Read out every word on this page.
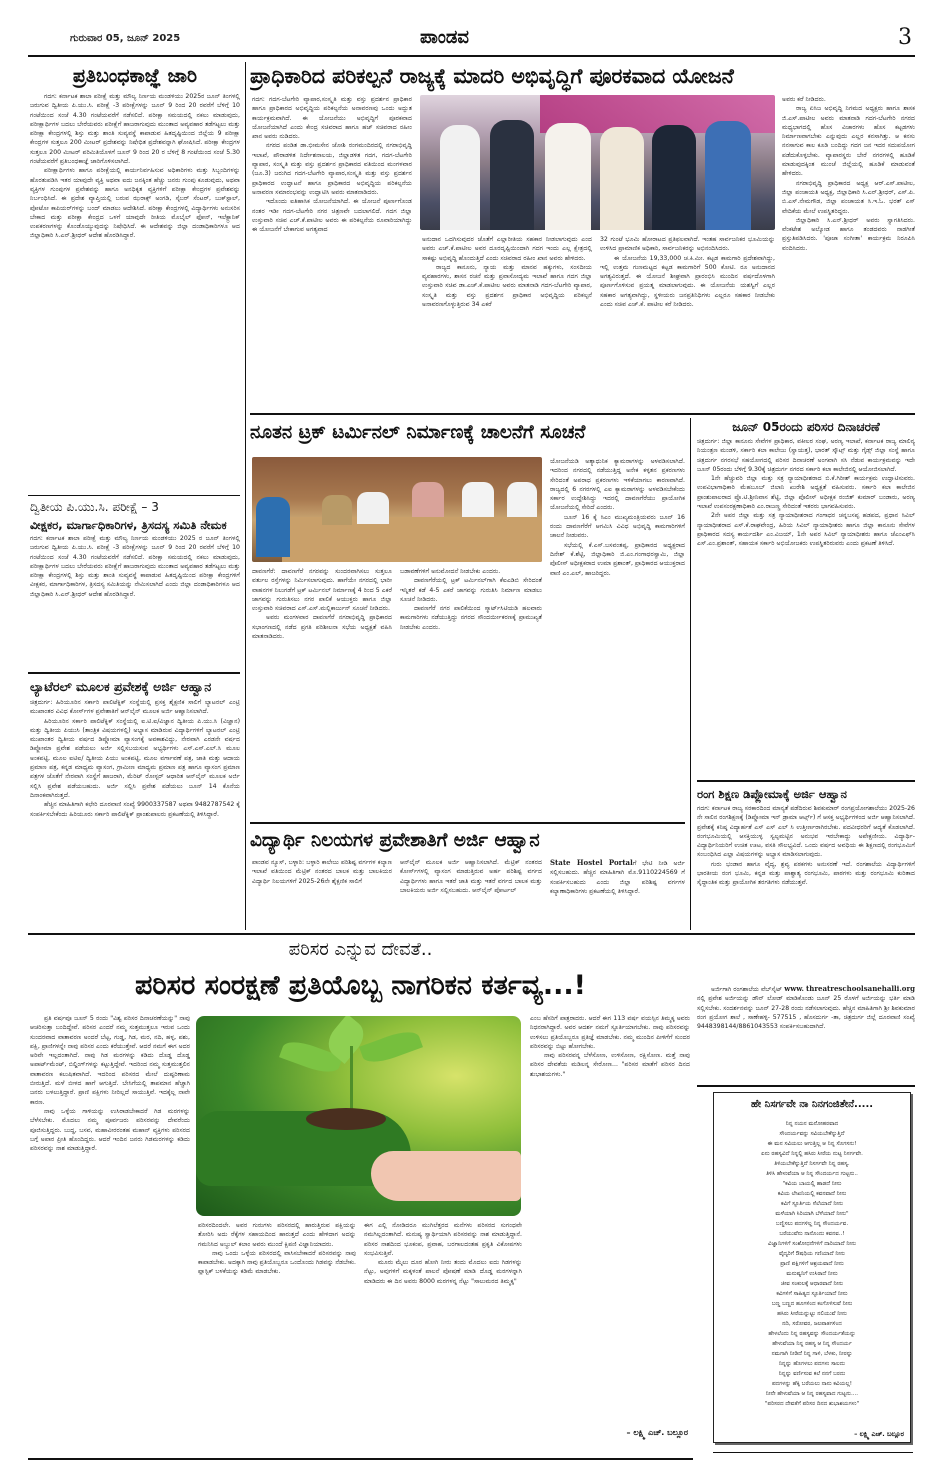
ಗುರುವಾರ 05, ಜೂನ್ 2025	ಪಾಂಡವ	3
ಪ್ರತಿಬಂಧಕಾಜ್ಞೆ ಜಾರಿ

ಗದಗ: ಕರ್ನಾಟಕ ಶಾಲಾ ಪರೀಕ್ಷೆ ಮತ್ತು ಮೌಲ್ಯ ನಿರ್ಣಯ ಮಂಡಳಿಯು 2025ರ ಜೂನ್ ತಿಂಗಳಲ್ಲಿ ಜರುಗುವ ದ್ವಿತೀಯ ಪಿ.ಯು.ಸಿ. ಪರೀಕ್ಷೆ -3 ಪರೀಕ್ಷೆಗಳನ್ನು ಜೂನ್ 9 ರಿಂದ 20 ರವರೆಗೆ ಬೆಳಿಗ್ಗೆ 10 ಗಂಟೆಯಿಂದ ಸಂಜೆ 4.30 ಗಂಟೆಯವರೆಗೆ ನಡೆಸಲಿದೆ. ಪರೀಕ್ಷಾ ಸಮಯದಲ್ಲಿ ನಕಲು ಮಾಡುವುದು, ಪರೀಕ್ಷಾರ್ಥಿಗಳ ಬದಲು ಬೇರೆಯವರು ಪರೀಕ್ಷೆಗೆ ಹಾಜರಾಗುವುದು ಮುಂತಾದ ಅವ್ಯವಹಾರ ತಡೆಗಟ್ಟಲು ಮತ್ತು ಪರೀಕ್ಷಾ ಕೇಂದ್ರಗಳಲ್ಲಿ ಶಿಸ್ತು ಮತ್ತು ಶಾಂತಿ ಸುವ್ಯವಸ್ಥೆ ಕಾಪಾಡುವ ಹಿತದೃಷ್ಟಿಯಿಂದ ಜಿಲ್ಲೆಯ 9 ಪರೀಕ್ಷಾ ಕೇಂದ್ರಗಳ ಸುತ್ತಲೂ 200 ಮೀಟರ್ ಪ್ರದೇಶವನ್ನು ನಿಷೇಧಿತ ಪ್ರದೇಶವನ್ನಾಗಿ ಘೋಷಿಸಿದೆ. ಪರೀಕ್ಷಾ ಕೇಂದ್ರಗಳ ಸುತ್ತಲೂ 200 ಮೀಟರ್ ಪರಿಮಿತಿಯೊಳಗೆ ಜೂನ್ 9 ರಿಂದ 20 ರ ಬೆಳಿಗ್ಗೆ 8 ಗಂಟೆಯಿಂದ ಸಂಜೆ 5.30 ಗಂಟೆಯವರೆಗೆ ಪ್ರತಿಬಂಧಕಾಜ್ಞೆ ಜಾರಿಗೊಳಿಸಲಾಗಿದೆ.

ಪರೀಕ್ಷಾರ್ಥಿಗಳು ಹಾಗೂ ಪರೀಕ್ಷೆಯಲ್ಲಿ ಕಾರ್ಯನಿರ್ವಹಿಸುವ ಅಧಿಕಾರಿಗಳು ಮತ್ತು ಸಿಬ್ಬಂದಿಗಳನ್ನು ಹೊರತುಪಡಿಸಿ ಇತರ ಯಾವುದೇ ವ್ಯಕ್ತಿ ಅಥವಾ ಐದು ಜನಕ್ಕಿಂತ ಹೆಚ್ಚು ಜನರು ಗುಂಪು ಕೂಡುವುದು, ಅಥವಾ ವ್ಯಕ್ತಿಗಳ ಗುಂಪುಗಳ ಪ್ರವೇಶವನ್ನು ಹಾಗೂ ಅನಧಿಕೃತ ವ್ಯಕ್ತಿಗಳಿಗೆ ಪರೀಕ್ಷಾ ಕೇಂದ್ರಗಳ ಪ್ರವೇಶವನ್ನು ನಿರ್ಬಂಧಿಸಿದೆ. ಈ ಪ್ರದೇಶ ವ್ಯಾಪ್ತಿಯಲ್ಲಿ ಬರುವ ಝರಾಕ್ಸ್ ಅಂಗಡಿ, ಸೈಬರ್ ಸೆಂಟರ್, ಬುಕ್‌ಸ್ಟಾಲ್, ಪೋಟೋ ಕಾಪಿಯರ್‌ಗಳನ್ನು ಬಂದ್ ಮಾಡಲು ಆದೇಶಿಸಿದೆ. ಪರೀಕ್ಷಾ ಕೇಂದ್ರಗಳಲ್ಲಿ ವಿದ್ಯಾರ್ಥಿಗಳು ಅನುಸರಿಸ ಬೇಕಾದ ಮತ್ತು ಪರೀಕ್ಷಾ ಕೇಂದ್ರದ ಒಳಗೆ ಯಾವುದೇ ರೀತಿಯ ಮೊಬೈಲ್ ಫೋನ್, ಇಲೆಕ್ಟ್ರಾನಿಕ್ ಉಪಕರಣಗಳನ್ನು ಕೊಂಡೊಯ್ಯುವುದನ್ನು ನಿಷೇಧಿಸಿದೆ. ಈ ಆದೇಶವನ್ನು ಜಿಲ್ಲಾ ದಂಡಾಧಿಕಾರಿಗಳೂ ಆದ ಜಿಲ್ಲಾಧಿಕಾರಿ ಸಿ.ಎನ್.ಶ್ರೀಧರ್ ಆದೇಶ ಹೊರಡಿಸಿದ್ದಾರೆ.

ದ್ವಿತೀಯ ಪಿ.ಯು.ಸಿ. ಪರೀಕ್ಷೆ – 3
ವೀಕ್ಷಕರ, ಮಾರ್ಗಾಧಿಕಾರಿಗಳ, ತ್ರಿಸದಸ್ಯ ಸಮಿತಿ ನೇಮಕ

ಗದಗ: ಕರ್ನಾಟಕ ಶಾಲಾ ಪರೀಕ್ಷೆ ಮತ್ತು ಮೌಲ್ಯ ನಿರ್ಣಯ ಮಂಡಳಿಯು 2025 ರ ಜೂನ್ ತಿಂಗಳಲ್ಲಿ ಜರುಗುವ ದ್ವಿತೀಯ ಪಿ.ಯು.ಸಿ. ಪರೀಕ್ಷೆ -3 ಪರೀಕ್ಷೆಗಳನ್ನು ಜೂನ್ 9 ರಿಂದ 20 ರವರೆಗೆ ಬೆಳಿಗ್ಗೆ 10 ಗಂಟೆಯಿಂದ ಸಂಜೆ 4.30 ಗಂಟೆಯವರೆಗೆ ನಡೆಸಲಿದೆ. ಪರೀಕ್ಷಾ ಸಮಯದಲ್ಲಿ ನಕಲು ಮಾಡುವುದು, ಪರೀಕ್ಷಾರ್ಥಿಗಳ ಬದಲು ಬೇರೆಯವರು ಪರೀಕ್ಷೆಗೆ ಹಾಜರಾಗುವುದು ಮುಂತಾದ ಅವ್ಯವಹಾರ ತಡೆಗಟ್ಟಲು ಮತ್ತು ಪರೀಕ್ಷಾ ಕೇಂದ್ರಗಳಲ್ಲಿ ಶಿಸ್ತು ಮತ್ತು ಶಾಂತಿ ಸುವ್ಯವಸ್ಥೆ ಕಾಪಾಡುವ ಹಿತದೃಷ್ಟಿಯಿಂದ ಪರೀಕ್ಷಾ ಕೇಂದ್ರಗಳಿಗೆ ವೀಕ್ಷಕರ, ಮಾರ್ಗಾಧಿಕಾರಿಗಳ, ತ್ರಿಸದಸ್ಯ ಸಮಿತಿಯನ್ನು ನೇಮಿಸಲಾಗಿದೆ ಎಂದು ಜಿಲ್ಲಾ ದಂಡಾಧಿಕಾರಿಗಳೂ ಆದ ಜಿಲ್ಲಾಧಿಕಾರಿ ಸಿ.ಎನ್.ಶ್ರೀಧರ್ ಆದೇಶ ಹೊರಡಿಸಿದ್ದಾರೆ.

ಲ್ಯಾಟೆರಲ್ ಮೂಲಕ ಪ್ರವೇಶಕ್ಕೆ ಅರ್ಜಿ ಆಹ್ವಾನ

ಚಿತ್ರದುರ್ಗ: ಹಿರಿಯೂರಿನ ಸರ್ಕಾರಿ ಪಾಲಿಟೆಕ್ನಿಕ್ ಸಂಸ್ಥೆಯಲ್ಲಿ ಪ್ರಸಕ್ತ ಶೈಕ್ಷಣಿಕ ಸಾಲಿಗೆ ಲ್ಯಾಟರಲ್ ಎಂಟ್ರಿ ಮುಖಾಂತರ ವಿವಿಧ ಕೋರ್ಸ್‌ಗಳ ಪ್ರವೇಶಾತಿಗೆ ಆನ್‌ಲೈನ್ ಮೂಲಕ ಅರ್ಜಿ ಆಹ್ವಾನಿಸಲಾಗಿದೆ.

ಹಿರಿಯೂರಿನ ಸರ್ಕಾರಿ ಪಾಲಿಟೆಕ್ನಿಕ್ ಸಂಸ್ಥೆಯಲ್ಲಿ ಐ.ಟಿ.ಐ/ವಿಜ್ಞಾನ ದ್ವಿತೀಯ ಪಿ.ಯು.ಸಿ (ವಿಜ್ಞಾನ) ಮತ್ತು ದ್ವಿತೀಯ ಪಿಯುಸಿ (ತಾಂತ್ರಿಕ ವಿಷಯಗಳಲ್ಲಿ) ಅಭ್ಯಾಸ ಮಾಡಿರುವ ವಿದ್ಯಾರ್ಥಿಗಳಿಗೆ ಲ್ಯಾಟರಲ್ ಎಂಟ್ರಿ ಮುಖಾಂತರ ದ್ವಿತೀಯ ವರ್ಷದ ಡಿಪ್ಲೋಮಾ ವ್ಯಾಸಂಗಕ್ಕೆ ಅವಕಾಶವಿದ್ದು, ನೇರವಾಗಿ ಎರಡನೇ ವರ್ಷದ ಡಿಪ್ಲೋಮಾ ಪ್ರವೇಶ ಪಡೆಯಲು ಅರ್ಜಿ ಸಲ್ಲಿಸಬಯಸುವ ಅಭ್ಯರ್ಥಿಗಳು ಎಸ್.ಎಸ್.ಎಲ್.ಸಿ ಮೂಲ ಅಂಕಪಟ್ಟಿ, ಮೂಲ ಐಟಿಐ/ ದ್ವಿತೀಯ ಪಿಯು ಅಂಕಪಟ್ಟಿ, ಮೂಲ ವರ್ಗಾವಣೆ ಪತ್ರ, ಜಾತಿ ಮತ್ತು ಆದಾಯ ಪ್ರಮಾಣ ಪತ್ರ, ಕನ್ನಡ ಮಾಧ್ಯಮ ವ್ಯಾಸಂಗ, ಗ್ರಾಮೀಣ ಮಾಧ್ಯಮ ಪ್ರಮಾಣ ಪತ್ರ ಹಾಗೂ ವ್ಯಾಸಂಗ ಪ್ರಮಾಣ ಪತ್ರಗಳ ಜೊತೆಗೆ ನೇರವಾಗಿ ಸಂಸ್ಥೆಗೆ ಹಾಜರಾಗಿ, ಮೆರಿಟ್ ರೋಸ್ಟರ್ ಆಧಾರಿತ ಆನ್‌ಲೈನ್ ಮೂಲಕ ಅರ್ಜಿ ಸಲ್ಲಿಸಿ ಪ್ರವೇಶ ಪಡೆಯಬಹುದು. ಅರ್ಜಿ ಸಲ್ಲಿಸಿ ಪ್ರವೇಶ ಪಡೆಯಲು ಜೂನ್ 14 ಕೊನೆಯ ದಿನಾಂಕವಾಗಿರುತ್ತದೆ.

ಹೆಚ್ಚಿನ ಮಾಹಿತಿಗಾಗಿ ಕಛೇರಿ ದೂರವಾಣಿ ಸಂಖ್ಯೆ 9900337587 ಅಥವಾ 9482787542 ಕ್ಕೆ ಸಂಪರ್ಕಿಸಬೇಕೆಂದು ಹಿರಿಯೂರು ಸರ್ಕಾರಿ ಪಾಲಿಟೆಕ್ನಿಕ್ ಪ್ರಾಂಶುಪಾಲರು ಪ್ರಕಟಣೆಯಲ್ಲಿ ತಿಳಿಸಿದ್ದಾರೆ.

ಪ್ರಾಧಿಕಾರಿದ ಪರಿಕಲ್ಪನೆ ರಾಜ್ಯಕ್ಕೆ ಮಾದರಿ ಅಭಿವೃದ್ಧಿಗೆ ಪೂರಕವಾದ ಯೋಜನೆ

ಗದಗ: ಗದಗ-ಬೆಟಗೇರಿ ವ್ಯಾಪಾರ,ಸಂಸ್ಕೃತಿ ಮತ್ತು ವಸ್ತು ಪ್ರದರ್ಶನ ಪ್ರಾಧಿಕಾರ ಹಾಗೂ ಪ್ರಾಧಿಕಾರದ ಅಭಿವೃದ್ಧಿಯ ಪರಿಕಲ್ಪನೆಯ ಅನಾವರಣವು ಒಂದು ಅದ್ಭುತ ಕಾರ್ಯಕ್ರಮವಾಗಿದೆ. ಈ ಯೋಜನೆಯು ಅಭಿವೃದ್ಧಿಗೆ ಪೂರಕವಾದ ಯೋಜನೆಯಾಗಿದೆ ಎಂದು ಕೇಂದ್ರ ಸಚಿವರಾದ ಹಾಗೂ ಹಜ್ ಸಚಿವರಾದ ರಹೀಂ ಖಾನ ಅವರು ನುಡಿದರು.

ನಗರದ ಪಂಡಿತ ಡಾ.ಭೀಮಸೇನ ಜೋಶಿ ರಂಗಮಂದಿರದಲ್ಲಿ ನಗರಾಭಿವೃದ್ಧಿ ಇಲಾಖೆ, ಪೌರಾಡಳಿತ ನಿರ್ದೇಶನಾಲಯ, ಜಿಲ್ಲಾಡಳಿತ ಗದಗ, ಗದಗ-ಬೆಟಗೇರಿ ವ್ಯಾಪಾರ, ಸಂಸ್ಕೃತಿ ಮತ್ತು ವಸ್ತು ಪ್ರದರ್ಶನ ಪ್ರಾಧಿಕಾರದ ವತಿಯಿಂದ ಮಂಗಳವಾರ (ಜೂ.3) ಜರುಗಿದ ಗದಗ-ಬೆಟಗೇರಿ ವ್ಯಾಪಾರ,ಸಂಸ್ಕೃತಿ ಮತ್ತು ವಸ್ತು ಪ್ರದರ್ಶನ ಪ್ರಾಧಿಕಾರದ ಉದ್ಘಾಟನೆ ಹಾಗೂ ಪ್ರಾಧಿಕಾರದ ಅಭಿವೃದ್ಧಿಯ ಪರಿಕಲ್ಪನೆಯ ಅನಾವರಣ ಸಮಾರಂಭವನ್ನು ಉದ್ಘಾಟಿಸಿ ಅವರು ಮಾತನಾಡಿದರು.

ಇದೊಂದು ಐತಿಹಾಸಿಕ ಯೋಜನೆಯಾಗಿದೆ. ಈ ಯೋಜನೆ ಪೂರ್ಣಗೊಂಡ ನಂತರ ಇಡೀ ಗದಗ-ಬೆಟಗೇರಿ ನಗರ ಚಿತ್ರಣವೇ ಬದಲಾಗಲಿದೆ. ಗದಗ ಜಿಲ್ಲಾ ಉಸ್ತುವಾರಿ ಸಚಿವ ಎಚ್.ಕೆ.ಪಾಟೀಲ ಅವರು ಈ ಪರಿಕಲ್ಪನೆಯ ರೂವಾರಿಯಾಗಿದ್ದು ಈ ಯೋಜನೆಗೆ ಬೇಕಾಗುವ ಅಗತ್ಯವಾದ

ಅನುದಾನ ಒದಗಿಸುವುದರ ಜೊತೆಗೆ ಎಲ್ಲಾರೀತಿಯ ಸಹಕಾರ ನೀಡಲಾಗುವುದು ಎಂದ ಅವರು ಎಚ್.ಕೆ.ಪಾಟೀಲ ಅವರ ದೂರದೃಷ್ಟಿಯಿಂದಾಗಿ ಗದಗ ಇಂದು ಎಲ್ಲ ಕ್ಷೇತ್ರದಲ್ಲಿ ಸಾಕಷ್ಟು ಅಭಿವೃದ್ಧಿ ಹೊಂದುತ್ತಿದೆ ಎಂದು ಸಚಿವರಾದ ರಹೀಂ ಖಾನ ಅವರು ಹೇಳಿದರು.

ರಾಜ್ಯದ ಕಾನೂನು, ನ್ಯಾಯ ಮತ್ತು ಮಾನವ ಹಕ್ಕುಗಳು, ಸಂಸದೀಯ ವ್ಯವಹಾರಗಳು, ಶಾಸನ ರಚನೆ ಮತ್ತು ಪ್ರವಾಸೋದ್ಯಮ ಇಲಾಖೆ ಹಾಗೂ ಗದಗ ಜಿಲ್ಲಾ ಉಸ್ತುವಾರಿ ಸಚಿವ ಡಾ.ಎಚ್.ಕೆ.ಪಾಟೀಲ ಅವರು ಮಾತನಾಡಿ ಗದಗ-ಬೆಟಗೇರಿ ವ್ಯಾಪಾರ, ಸಂಸ್ಕೃತಿ ಮತ್ತು ವಸ್ತು ಪ್ರದರ್ಶನ ಪ್ರಾಧಿಕಾರ ಅಭಿವೃದ್ಧಿಯ ಪರಿಕಲ್ಪನೆ ಅನಾವರಣಗೊಳ್ಳುತ್ತಿರುವ 34 ಎಕರೆ

32 ಗುಂಟೆ ಭೂಮಿ ಹೋರಾಟದ ಪ್ರತಿಫಲವಾಗಿದೆ. ಇಂತಹ ಸಾರ್ವಜನಿಕರ ಭೂಮಿಯನ್ನು ಉಳಿಸಿದ ಪ್ರಾಮಾಣಿಕ ಅಧಿಕಾರಿ, ಸಾರ್ವಜನಿಕರನ್ನು ಅಭಿನಂದಿಸಿದರು.

ಈ ಯೋಜನೆಯ 19,33,000 ಚ.ಕಿ.ಮೀ. ಕಟ್ಟಡ ಕಾಮಗಾರಿ ಪ್ರದೇಶವಾಗಿದ್ದು, ಇಲ್ಲಿ ಉತ್ತಮ ಗುಣಮಟ್ಟದ ಕಟ್ಟಡ ಕಾಮಗಾರಿಗೆ 500 ಕೋಟಿ. ರೂ ಅನುದಾನದ ಅಗತ್ಯವಿರುತ್ತದೆ. ಈ ಯೋಜನೆ ಶೀಘ್ರವಾಗಿ ಪ್ರಾರಂಭಿಸಿ ಮುಂದಿನ ವರ್ಷದೊಳಗಾಗಿ ಪೂರ್ಣಗೊಳಿಸುವ ಪ್ರಯತ್ನ ಮಾಡಲಾಗುವುದು. ಈ ಯೋಜನೆಯ ಯಶಸ್ವಿಗೆ ಎಲ್ಲರ ಸಹಕಾರ ಅಗತ್ಯವಾಗಿದ್ದು, ಸ್ಥಳೀಯರು ಜನಪ್ರತಿನಿಧಿಗಳು ಎಲ್ಲರೂ ಸಹಕಾರ ನೀಡಬೇಕು ಎಂದು ಸಚಿವ ಎಚ್.ಕೆ. ಪಾಟೀಲ ಕರೆ ನೀಡಿದರು.

ಅವರು ಕರೆ ನೀಡಿದರು.

ರಾಜ್ಯ ಏಸಿಜ ಅಭಿವೃದ್ಧಿ ನಿಗಮದ ಅಧ್ಯಕ್ಷರು ಹಾಗೂ ಶಾಸಕ ಜಿ.ಎಸ್.ಪಾಟೀಲ ಅವರು ಮಾತನಾಡಿ ಗದಗ-ಬೆಟಗೇರಿ ನಗರದ ಮಧ್ಯಭಾಗದಲ್ಲಿ ಹೊಸ ವಿಚಾರಗಳು ಹೊಸ ಕಟ್ಟಡಗಳು ನಿರ್ಮಾಣವಾಗಬೇಕು ಎನ್ನುವುದು ಎಲ್ಲರ ಕನಸಾಗಿತ್ತು. ಆ ಕನಸು ನನಸಾಗುವ ಕಾಲ ಕೂಡಿ ಬಂದಿದ್ದು ಗದಗ ಜನ ಇದರ ಸದುಪಯೋಗ ಪಡೆದುಕೊಳ್ಳಬೇಕು. ವ್ಯಾಪಾರಸ್ಥರು ಬೇರೆ ನಗರಗಳಲ್ಲಿ ಹೂಡಿಕೆ ಮಾಡುವುದಕ್ಕಿಂತ ಮುಂಚೆ ಜಿಲ್ಲೆಯಲ್ಲಿ ಹೂಡಿಕೆ ಮಾಡುವಂತೆ ಹೇಳಿದರು.

ನಗರಾಭಿವೃದ್ಧಿ ಪ್ರಾಧಿಕಾರದ ಅಧ್ಯಕ್ಷ ಆರ್.ಎಸ್.ಪಾಟೀಲ, ಜಿಲ್ಲಾ ಪಂಚಾಯತಿ ಅಧ್ಯಕ್ಷ, ಜಿಲ್ಲಾಧಿಕಾರಿ ಸಿ.ಎನ್.ಶ್ರೀಧರ್, ಎಸ್.ಪಿ. ಬಿ.ಎಸ್.ನೇಮಗೌಡ, ಜಿಲ್ಲಾ ಪಂಚಾಯತ ಸಿ.ಇ.ಓ. ಭರತ್ ಎಸ್ ವೇದಿಕೆಯ ಮೇಲೆ ಉಪಸ್ಥಿತರಿದ್ದರು.

ಜಿಲ್ಲಾಧಿಕಾರಿ ಸಿ.ಎನ್.ಶ್ರೀಧರ್ ಅವರು ಸ್ವಾಗತಿಸಿದರು. ವೆಂಕಟೇಶ ಅಲ್ಕೋಡ ಹಾಗೂ ತಂಡದವರು ನಾಡಗೀತೆ ಪ್ರಸ್ತುತಿಪಡಿಸಿದರು. 'ಪೂಜಾ ಸಂಗೀತಾ' ಕಾರ್ಯಕ್ರಮ ನಿರೂಪಿಸಿ ವಂದಿಸಿದರು.

ನೂತನ ಟ್ರಕ್ ಟರ್ಮಿನಲ್ ನಿರ್ಮಾಣಕ್ಕೆ ಚಾಲನೆಗೆ ಸೂಚನೆ

ದಾವಣಗೆರೆ: ದಾವಣಗೆರೆ ನಗರವನ್ನು ಸುಂದರವಾಗಿಸಲು ಸುತ್ತಲೂ ವರ್ತುಲ ರಸ್ತೆಗಳನ್ನು ನಿರ್ಮಿಸಲಾಗುವುದು. ಹಾಗೆಯೇ ನಗರದಲ್ಲಿ ಭಾರೀ ವಾಹನಗಳ ನಿಲುಗಡೆಗೆ ಟ್ರಕ್ ಟರ್ಮಿನಲ್ ನಿರ್ಮಾಣಕ್ಕೆ 4 ರಿಂದ 5 ಎಕರೆ ಜಾಗವನ್ನು ಗುರುತಿಸಲು ನಗರ ಪಾಲಿಕೆ ಆಯುಕ್ತರು ಹಾಗೂ ಜಿಲ್ಲಾ ಉಸ್ತುವಾರಿ ಸಚಿವರಾದ ಎಸ್.ಎಸ್.ಮಲ್ಲಿಕಾರ್ಜುನ್ ಸೂಚನೆ ನೀಡಿದರು.

ಅವರು ಮಂಗಳವಾರ ದಾವಣಗೆರೆ ನಗರಾಭಿವೃದ್ಧಿ ಪ್ರಾಧಿಕಾರದ ಸಭಾಂಗಣದಲ್ಲಿ ನಡೆದ ಪ್ರಗತಿ ಪರಿಶೀಲನಾ ಸಭೆಯ ಅಧ್ಯಕ್ಷತೆ ವಹಿಸಿ ಮಾತನಾಡಿದರು.

ಬಡಾವಣೆಗಳಿಗೆ ಅನುಮೋದನೆ ನೀಡಬೇಕು ಎಂದರು.

ದಾವಣಗೆರೆಯಲ್ಲಿ ಟ್ರಕ್ ಟರ್ಮಿನಲ್‌ಗಾಗಿ ಕೆಐಎಡಿಬಿ ಸೇರಿದಂತೆ ಇನ್ನಿತರೆ ಕಡೆ 4-5 ಎಕರೆ ಜಾಗವನ್ನು ಗುರುತಿಸಿ ನಿರ್ಮಾಣ ಮಾಡಲು ಸೂಚನೆ ನೀಡಿದರು.

ದಾವಣಗೆರೆ ನಗರ ಪಾಲಿಕೆಯಿಂದ ಸ್ಮಾರ್ಟ್‌ಸಿಟಿಯಡಿ ಹಲವಾರು ಕಾಮಗಾರಿಗಳು ನಡೆಯುತ್ತಿದ್ದು ನಗರದ ಸೌಂದರ್ಯೀಕರಣಕ್ಕೆ ಪ್ರಾಮುಖ್ಯತೆ ನೀಡಬೇಕು ಎಂದರು.

ಯೋಜನೆಯಡಿ ಅತ್ಯಾಧುನಿಕ ಕ್ಯಾಮರಾಗಳನ್ನು ಅಳವಡಿಸಲಾಗಿದೆ. ಇದರಿಂದ ನಗರದಲ್ಲಿ ನಡೆಯುತ್ತಿದ್ದ ಅನೇಕ ಕಳ್ಳತನ ಪ್ರಕರಣಗಳು ಸೇರಿದಂತೆ ಅಪರಾಧ ಪ್ರಕರಣಗಳು ಇಳಿಕೆಯಾಗಲು ಕಾರಣವಾಗಿದೆ. ರಾಜ್ಯದಲ್ಲಿ 6 ನಗರಗಳಲ್ಲಿ ಎಐ ಕ್ಯಾಮರಾಗಳನ್ನು ಅಳವಡಿಸಬೇಕೆಂದು ಸರ್ಕಾರ ಉದ್ದೇಶಿಸಿದ್ದು ಇದರಲ್ಲಿ ದಾವಣಗೆರೆಯು ಪ್ರಾಯೋಗಿಕ ಯೋಜನೆಯಲ್ಲಿ ಸೇರಿದೆ ಎಂದರು.

ಜೂನ್ 16 ಕ್ಕೆ ಸಿಎಂ ಮುಖ್ಯಮಂತ್ರಿಯವರು ಜೂನ್ 16 ರಂದು ದಾವಣಗೆರೆಗೆ ಆಗಮಿಸಿ ವಿವಿಧ ಅಭಿವೃದ್ಧಿ ಕಾಮಗಾರಿಗಳಿಗೆ ಚಾಲನೆ ನೀಡುವರು.

ಸಭೆಯಲ್ಲಿ ಕೆ.ಎಸ್.ಬಸವಂತಪ್ಪ, ಪ್ರಾಧಿಕಾರದ ಅಧ್ಯಕ್ಷರಾದ ದಿನೇಶ್ ಕೆ.ಶೆಟ್ಟಿ, ಜಿಲ್ಲಾಧಿಕಾರಿ ಜಿ.ಎಂ.ಗಂಗಾಧರಸ್ವಾಮಿ, ಜಿಲ್ಲಾ ಪೊಲೀಸ್ ಅಧೀಕ್ಷಕರಾದ ಉಮಾ ಪ್ರಶಾಂತ್, ಪ್ರಾಧಿಕಾರದ ಆಯುಕ್ತರಾದ ವಾಣಿ ಎಂ.ಎಲ್, ಹಾಜರಿದ್ದರು.

ಜೂನ್ 05ರಂದು ಪರಿಸರ ದಿನಾಚರಣೆ

ಚಿತ್ರದುರ್ಗ: ಜಿಲ್ಲಾ ಕಾನೂನು ಸೇವೆಗಳ ಪ್ರಾಧಿಕಾರ, ವಕೀಲರ ಸಂಘ, ಅರಣ್ಯ ಇಲಾಖೆ, ಕರ್ನಾಟಕ ರಾಜ್ಯ ಮಾಲಿನ್ಯ ನಿಯಂತ್ರಣ ಮಂಡಳಿ, ಸರ್ಕಾರಿ ಕಲಾ ಕಾಲೇಜು (ಸ್ವಾಯತ್ತ), ಭಾರತ್ ಸ್ಕೌಟ್ಸ್ ಮತ್ತು ಗೈಡ್ಸ್ ಜಿಲ್ಲಾ ಸಂಸ್ಥೆ ಹಾಗೂ ಚಿತ್ರದುರ್ಗ ನಗರಸಭೆ ಸಹಯೋಗದಲ್ಲಿ ಪರಿಸರ ದಿನಾಚರಣೆ ಅಂಗವಾಗಿ ಸಸಿ ನೆಡುವ ಕಾರ್ಯಕ್ರಮವನ್ನು ಇದೇ ಜೂನ್ 05ರಂದು ಬೆಳಿಗ್ಗೆ 9.30ಕ್ಕೆ ಚಿತ್ರದುರ್ಗ ನಗರದ ಸರ್ಕಾರಿ ಕಲಾ ಕಾಲೇಜಿನಲ್ಲಿ ಆಯೋಜಿಸಲಾಗಿದೆ.

1ನೇ ಹೆಚ್ಚುವರಿ ಜಿಲ್ಲಾ ಮತ್ತು ಸತ್ರ ನ್ಯಾಯಾಧೀಶರಾದ ಬಿ.ಕೆ.ಗಿರೀಶ್ ಕಾರ್ಯಕ್ರಮ ಉದ್ಘಾಟಿಸುವರು. ಉಪವಿಭಾಗಾಧಿಕಾರಿ ಮೆಹಬೂಬ್ ಜಿಲಾನಿ ಖುರೇಶಿ ಅಧ್ಯಕ್ಷತೆ ವಹಿಸುವರು. ಸರ್ಕಾರಿ ಕಲಾ ಕಾಲೇಜಿನ ಪ್ರಾಂಶುಪಾಲರಾದ ಪ್ರೊ.ಟಿ.ಶ್ರೀನಿವಾಸ ಶೆಟ್ಟಿ, ಜಿಲ್ಲಾ ಪೊಲೀಸ್ ಅಧೀಕ್ಷಕ ರಂಜಿತ್ ಕುಮಾರ್ ಬಂಡಾರು, ಅರಣ್ಯ ಇಲಾಖೆ ಉಪಸಂರಕ್ಷಣಾಧಿಕಾರಿ ಎಂ.ರಾಜಣ್ಣ ಸೇರಿದಂತೆ ಇತರರು ಭಾಗವಹಿಸುವರು.

2ನೇ ಅಪರ ಜಿಲ್ಲಾ ಮತ್ತು ಸತ್ರ ನ್ಯಾಯಾಧೀಶರಾದ ಗಂಗಾಧರ ಚನ್ನಬಸಪ್ಪ ಹಡಪದ, ಪ್ರಧಾನ ಸಿವಿಲ್ ನ್ಯಾಯಾಧೀಶರಾದ ಎಸ್.ಕೆ.ರಾಘವೇಂದ್ರ, ಹಿರಿಯ ಸಿವಿಲ್ ನ್ಯಾಯಾಧೀಶರು ಹಾಗೂ ಜಿಲ್ಲಾ ಕಾನೂನು ಸೇವೆಗಳ ಪ್ರಾಧಿಕಾರದ ಸದಸ್ಯ ಕಾರ್ಯದರ್ಶಿ ಎಂ.ವಿಜಯ್, 1ನೇ ಅಪರ ಸಿವಿಲ್ ನ್ಯಾಯಾಧೀಶರು ಹಾಗೂ ಜೆಎಂಎಫ್‌ಸಿ ಎಸ್.ಎಂ.ಪ್ರಶಾಂತ್, ಸಹಾಯಕ ಸರ್ಕಾರಿ ಅಭಿಯೋಜಕರು ಉಪಸ್ಥಿತರಿರುವರು ಎಂದು ಪ್ರಕಟಣೆ ತಿಳಿಸಿದೆ.

ರಂಗ ಶಿಕ್ಷಣ ಡಿಪ್ಲೋಮಾಕ್ಕೆ ಅರ್ಜಿ ಆಹ್ವಾನ

ಗದಗ: ಕರ್ನಾಟಕ ರಾಜ್ಯ ಸರಕಾರದಿಂದ ಮಾನ್ಯತೆ ಪಡೆದಿರುವ ಶಿವಕುಮಾರ್ ರಂಗಪ್ರಯೋಗಶಾಲೆಯು 2025-26 ನೇ ಸಾಲಿನ ರಂಗಶಿಕ್ಷಣಕ್ಕೆ (ಡಿಪ್ಲೋಮಾ ಇನ್ ಡ್ರಾಮಾ ಆರ್ಟ್ಸ್) ಗೆ ಆಸಕ್ತ ಅಭ್ಯರ್ಥಿಗಳಿಂದ ಅರ್ಜಿ ಆಹ್ವಾನಿಸಲಾಗಿದೆ. ಪ್ರವೇಶಕ್ಕೆ ಕನಿಷ್ಠ ವಿದ್ಯಾರ್ಹತೆ ಎಸ್ ಎಸ್ ಎಲ್ ಸಿ ಉತ್ತೀರ್ಣರಾಗಿರಬೇಕು. ಪದವೀಧರರಿಗೆ ಆದ್ಯತೆ ಕೊಡಲಾಗಿದೆ. ರಂಗಭೂಮಿಯಲ್ಲಿ ಆಸಕ್ತಿಯುಳ್ಳ ಸ್ವಲ್ಪಮಟ್ಟಿನ ಅನುಭವ ಇರಬೇಕಾದ್ದು ಅಪೇಕ್ಷಣೀಯ. ವಿದ್ಯಾರ್ಥಿ-ವಿದ್ಯಾರ್ಥಿನಿಯರಿಗೆ ಉಚಿತ ಊಟ, ವಸತಿ ಸೌಲಭ್ಯವಿದೆ. ಒಂದು ವರ್ಷದ ಅವಧಿಯ ಈ ಶಿಕ್ಷಣದಲ್ಲಿ ರಂಗಭೂಮಿಗೆ ಸಂಬಂಧಿಸಿದ ಎಲ್ಲಾ ವಿಷಯಗಳನ್ನು ಅಭ್ಯಾಸ ಮಾಡಿಸಲಾಗುವುದು.

ಗುರು ಭಂಡಾರ ಹಾಗೂ ವೈದ್ಯ, ಶ್ರವ್ಯ ಪಠಕಗಳು ಅನುಸರಣೆ ಇದೆ. ರಂಗಶಾಲೆಯ ವಿದ್ಯಾರ್ಥಿಗಳಿಗೆ ಭಾರತೀಯ ರಂಗ ಭೂಮಿ, ಕನ್ನಡ ಮತ್ತು ಪಾಶ್ಚಾತ್ಯ ರಂಗಭೂಮಿ, ಪಾಠಗಳು ಮತ್ತು ರಂಗಭೂಮಿ ಕುರಿತಾದ ಸೈದ್ಧಾಂತಿಕ ಮತ್ತು ಪ್ರಾಯೋಗಿಕ ತರಗತಿಗಳು ನಡೆಯುತ್ತವೆ.

ಅರ್ಜಿಗಾಗಿ ರಂಗಶಾಲೆಯ ವೆಬ್‌ಸೈಟ್ www. threatreschoolsanehalli.org ನಲ್ಲಿ ಪ್ರವೇಶ ಅರ್ಜಿಯನ್ನು ಡೌನ್ ಲೋಡ್ ಮಾಡಿಕೊಂಡು ಜೂನ್ 25 ರೊಳಗೆ ಅರ್ಜಿಯನ್ನು ಭರ್ತಿ ಮಾಡಿ ಸಲ್ಲಿಸಬೇಕು. ಸಂದರ್ಶನವನ್ನು ಜೂನ್ 27-28 ರಂದು ನಡೆಸಲಾಗುವುದು. ಹೆಚ್ಚಿನ ಮಾಹಿತಿಗಾಗಿ ಶ್ರೀ ಶಿವಕುಮಾರ ರಂಗ ಪ್ರಯೋಗ ಶಾಲೆ , ಸಾಣೇಹಳ್ಳಿ- 577515 , ಹೊಸದುರ್ಗ -ತಾ, ಚಿತ್ರದುರ್ಗ ಜಿಲ್ಲೆ ದೂರವಾಣಿ ಸಂಖ್ಯೆ 9448398144/8861043553 ಸಂಪರ್ಕಿಸಬಹುದಾಗಿದೆ.

ವಿದ್ಯಾರ್ಥಿ ನಿಲಯಗಳ ಪ್ರವೇಶಾತಿಗೆ ಅರ್ಜಿ ಆಹ್ವಾನ

ಪಾಂಡವ ನ್ಯೂಸ್, ಬಳ್ಳಾರಿ: ಬಳ್ಳಾರಿ ಕಾಲೇಜು ಪರಿಶಿಷ್ಟ ವರ್ಗಗಳ ಕಲ್ಯಾಣ ಇಲಾಖೆ ವತಿಯಿಂದ ಮೆಟ್ರಿಕ್ ನಂತರದ ಬಾಲಕ ಮತ್ತು ಬಾಲಕಿಯರ ವಿದ್ಯಾರ್ಥಿ ನಿಲಯಗಳಿಗೆ 2025-26ನೇ ಶೈಕ್ಷಣಿಕ ಸಾಲಿಗೆ

ಆನ್‌ಲೈನ್ ಮೂಲಕ ಅರ್ಜಿ ಆಹ್ವಾನಿಸಲಾಗಿದೆ. ಮೆಟ್ರಿಕ್ ನಂತರದ ಕೋರ್ಸ್‌ಗಳಲ್ಲಿ ವ್ಯಾಸಂಗ ಮಾಡುತ್ತಿರುವ ಅರ್ಹ ಪರಿಶಿಷ್ಟ ವರ್ಗದ ವಿದ್ಯಾರ್ಥಿಗಳು ಹಾಗೂ ಇತರೆ ಜಾತಿ ಮತ್ತು ಇತರೆ ವರ್ಗದ ಬಾಲಕ ಮತ್ತು ಬಾಲಕಿಯರು ಅರ್ಜಿ ಸಲ್ಲಿಸಬಹುದು. ಆನ್‌ಲೈನ್ ಪೋರ್ಟಲ್

State Hostel Portalಗೆ ಭೇಟಿ ನೀಡಿ ಅರ್ಜಿ ಸಲ್ಲಿಸಬಹುದು. ಹೆಚ್ಚಿನ ಮಾಹಿತಿಗಾಗಿ ಮೊ.9110224569 ಗೆ ಸಂಪರ್ಕಿಸಬಹುದು ಎಂದು ಜಿಲ್ಲಾ ಪರಿಶಿಷ್ಟ ವರ್ಗಗಳ ಕಲ್ಯಾಣಾಧಿಕಾರಿಗಳು ಪ್ರಕಟಣೆಯಲ್ಲಿ ತಿಳಿಸಿದ್ದಾರೆ.

ಪರಿಸರ ಎನ್ನುವ ದೇವತೆ..
ಪರಿಸರ ಸಂರಕ್ಷಣೆ ಪ್ರತಿಯೊಬ್ಬ ನಾಗರಿಕನ ಕರ್ತವ್ಯ...!

ಪ್ರತಿ ವರ್ಷವೂ ಜೂನ್ 5 ರಂದು "ವಿಶ್ವ ಪರಿಸರ ದಿನಾಚರಣೆಯನ್ನು" ನಾವು ಆಚರಿಸುತ್ತಾ ಬಂದಿದ್ದೇವೆ. ಪರಿಸರ ಎಂದರೆ ನಮ್ಮ ಸುತ್ತಮುತ್ತಲೂ ಇರುವ ಒಂದು ಸುಂದರವಾದ ವಾತಾವರಣ ಅಂದರೆ ಬೆಟ್ಟ, ಗುಡ್ಡ, ಗಿಡ, ಮರ, ನದಿ, ಹಳ್ಳ, ಪಶು, ಪಕ್ಷಿ, ಪ್ರಾಣಿಗಳನ್ನೇ ನಾವು ಪರಿಸರ ಎಂದು ಕರೆಯುತ್ತೇವೆ. ಆದರೆ ನಮಗೆ ಈಗ ಅದರ ಅರಿವೇ ಇಲ್ಲದಂತಾಗಿದೆ. ನಾವು ಗಿಡ ಮರಗಳನ್ನು ಕಡಿದು ದೊಡ್ಡ ದೊಡ್ಡ ಅಪಾರ್ಟ್‌ಮೆಂಟ್, ಬಿಲ್ಡಿಂಗ್‌ಗಳನ್ನು ಕಟ್ಟುತ್ತಿದ್ದೇವೆ. ಇದರಿಂದ ನಮ್ಮ ಸುತ್ತಮುತ್ತಲಿನ ವಾತಾವರಣ ಕಲುಷಿತವಾಗಿದೆ. ಇದರಿಂದ ಪರಿಸರದ ಮೇಲೆ ದುಷ್ಪರಿಣಾಮ ಬೀರುತ್ತಿದೆ. ಮಳೆ ಬೀಳದ ಹಾಗೆ ಆಗುತ್ತಿದೆ. ಬೇಸಿಗೆಯಲ್ಲಿ ತಾಪಮಾನ ಹೆಚ್ಚಾಗಿ ಜನರು ಬಳಲುತ್ತಿದ್ದಾರೆ. ಪ್ರಾಣಿ ಪಕ್ಷಿಗಳು ನೀರಿಲ್ಲದೆ ಸಾಯುತ್ತಿವೆ. ಇದಕ್ಕೆಲ್ಲ ನಾವೇ ಕಾರಣ.

ನಾವು ಒಳ್ಳೆಯ ಗಾಳಿಯನ್ನು ಉಸಿರಾಡಬೇಕಾದರೆ ಗಿಡ ಮರಗಳನ್ನು ಬೆಳೆಸಬೇಕು. ಮೊದಲು ನಮ್ಮ ಪೂರ್ವಜರು ಪರಿಸರವನ್ನು ದೇವರೆಂದು ಪೂಜಿಸುತ್ತಿದ್ದರು. ಬುದ್ಧ, ಬಸವ, ಮಹಾವೀರರಂತಹ ಮಹಾನ್ ವ್ಯಕ್ತಿಗಳು ಪರಿಸರದ ಬಗ್ಗೆ ಅಪಾರ ಪ್ರೀತಿ ಹೊಂದಿದ್ದರು. ಆದರೆ ಇಂದಿನ ಜನರು ಗಿಡಮರಗಳನ್ನು ಕಡಿದು ಪರಿಸರವನ್ನು ನಾಶ ಮಾಡುತ್ತಿದ್ದಾರೆ.

ಪರಿಸರದಿಂದಲೇ. ಅವರ ಗುರುಗಳು ಪರಿಸರದಲ್ಲಿ ಹಾರುತ್ತಿರುವ ಪಕ್ಷಿಯನ್ನು ತೋರಿಸಿ ಅದು ರೆಕ್ಕೆಗಳ ಸಹಾಯದಿಂದ ಹಾರುತ್ತದೆ ಎಂದು ಹೇಳಿದಾಗ ಅದನ್ನು ಗಮನಿಸಿದ ಅಬ್ದುಲ್ ಕಲಾಂ ಅವರು ಮುಂದೆ ಕ್ಷಿಪಣಿ ವಿಜ್ಞಾನಿಯಾದರು.

ನಾವು ಒಂದು ಒಳ್ಳೆಯ ಪರಿಸರದಲ್ಲಿ ವಾಸಿಸಬೇಕಾದರೆ ಪರಿಸರವನ್ನು ನಾವು ಕಾಪಾಡಬೇಕು. ಅದಕ್ಕಾಗಿ ನಾವು ಪ್ರತಿಯೊಬ್ಬರೂ ಒಂದೊಂದು ಗಿಡವನ್ನು ನೆಡಬೇಕು. ಪ್ಲಾಸ್ಟಿಕ್ ಬಳಕೆಯನ್ನು ಕಡಿಮೆ ಮಾಡಬೇಕು.

ಈಗ ಎಲ್ಲಿ ನೋಡಿದರೂ ಮುಗಿಲೆತ್ತರದ ಮನೆಗಳು ಪರಿಸರದ ಸುಗಂಧವೇ ನಮಗಿಲ್ಲದಂತಾಗಿದೆ. ಮನುಷ್ಯ ಸ್ವಾರ್ಥಿಯಾಗಿ ಪರಿಸರವನ್ನು ನಾಶ ಮಾಡುತ್ತಿದ್ದಾನೆ. ಪರಿಸರ ನಾಶದಿಂದ ಭೂಕಂಪ, ಪ್ರವಾಹ, ಬರಗಾಲದಂತಹ ಪ್ರಕೃತಿ ವಿಕೋಪಗಳು ಸಂಭವಿಸುತ್ತಿವೆ.

ಮೂರು ಮೈಲು ದೂರ ಹೋಗಿ ನೀರು ತಂದು ಮೊದಲು ಐದು ಗಿಡಗಳನ್ನು ನೆಟ್ಟು, ಅವುಗಳಿಗೆ ಮಕ್ಕಳಂತೆ ಪಾಲನೆ ಪೋಷಣೆ ಮಾಡಿ ದೊಡ್ಡ ಮರಗಳನ್ನಾಗಿ ಮಾಡಿದರು ಈ ದಿನ ಅವರು 8000 ಮರಗಳನ್ನ ನೆಟ್ಟು "ಸಾಲುಮರದ ತಿಮ್ಮಕ್ಕ"

ಎಂಬ ಹೆಸರಿಗೆ ಪಾತ್ರರಾದರು. ಆದರೆ ಈಗ 113 ವರ್ಷ ವಯಸ್ಸಿನ ತಿಮ್ಮಕ್ಕ ಅವರು ನಿಧನರಾಗಿದ್ದಾರೆ. ಅವರ ಆದರ್ಶ ನಮಗೆ ಸ್ಫೂರ್ತಿಯಾಗಬೇಕು. ನಾವು ಪರಿಸರವನ್ನು ಉಳಿಸಲು ಪ್ರತಿಯೊಬ್ಬರೂ ಪ್ರತಿಜ್ಞೆ ಮಾಡಬೇಕು. ನಮ್ಮ ಮುಂದಿನ ಪೀಳಿಗೆಗೆ ಸುಂದರ ಪರಿಸರವನ್ನು ಬಿಟ್ಟು ಹೋಗಬೇಕು.

ನಾವು ಪರಿಸರವನ್ನ ಬೆಳೆಸೋಣ, ಉಳಿಸೋಣ, ರಕ್ಷಿಸೋಣ. ಮತ್ತೆ ನಾವು ಪರಿಸರ ದೇವತೆಯ ಮಡಿಲನ್ನ ಸೇರೋಣ... "ಪರಿಸರ ಮಾತೆಗೆ ಪರಿಸರ ದಿನದ ಶುಭಾಶಯಗಳು."

– ಲಕ್ಷ್ಮಿ ಎಚ್. ಬಲ್ಲೂರ
ಹೇ ನಿಸರ್ಗವೇ ನಾ ನಿನಗಂಜಿತೇನೆ.....
ನಿನ್ನ ನಯನ ಮನೋಹರವಾದ
ಸೌಂದರ್ಯವನ್ನು ಸವಿಯಬೇಕೆನ್ನುತ್ತಿದೆ
ಈ ಮನ ಸವಿಯಲು ಆಗುತ್ತಿಲ್ಲ ಆ ನಿನ್ನ ಸೊಗಸನು!
ಏನು ರಹಸ್ಯವಿದೆ ನಿನ್ನಲ್ಲಿ ಹಸಿರು ಸೀರೆಯ ನುಟ್ಟ ನಿಸರ್ಗವೇ.
ತಿಳಿಯಬೇಕೆನ್ನುತ್ತಿದೆ ನಿಸರ್ಗವೇ ನಿನ್ನ ರಹಸ್ಯ.
ತಿಳಿಸಿ ಹೇಳುವೆಯಾ ಆ ನಿನ್ನ ಸೌಂದರ್ಯದ ಗುಟ್ಟನು..
"ಕವಿಯ ಬಾಯಲ್ಲಿ ಹಾಡದೆ ನೀನು
ಕವಿಯ ಲೇಖನಿಯಲ್ಲಿ ಕವನವಾದೆ ನೀನು
ಕವಿಗೆ ಸ್ಫೂರ್ತಿಯ ಸೆಲೆಯಾದೆ ನೀನು
ಮಳೆಯಾಗಿ ಸಿರಿಯಾಗಿ ಬೆಳೆಯಾದೆ ನೀನು"
ಬಣ್ಣಿಸಲು ಪದಗಳಿಲ್ಲ ನಿನ್ನ ಸೌಂದರ್ಯವ.
ಬರೆಯುವೆನು ನಾನೊಂದು ಕವನವ..!
ವಿಜ್ಞಾನಿಗಳಿಗೆ ಸಂಶೋಧನೆಗಳಿಗೆ ದಾರಿಯಾದೆ ನೀನು
ವೈದ್ಯರಿಗೆ ಔಷಧಿಯ ಗಣಿಯಾದೆ ನೀನು
ಪ್ರಾಣಿ ಪಕ್ಷಿಗಳಿಗೆ ಆಶ್ರಯವಾದೆ ನೀನು
ಮನುಷ್ಯನಿಗೆ ಉಸಿರಾದೆ ನೀನು
ಜೀವ ಸಂಕುಲಕ್ಕೆ ಆಧಾರವಾದೆ ನೀನು
ಕವಿಗಳಿಗೆ ಸಾಹಿತ್ಯದ ಸ್ಫೂರ್ತಿಯಾದೆ ನೀನು
ಬಣ್ಣ ಬಣ್ಣದ ಹೂಗಳಿಂದ ಕಂಗೊಳಿಸುವೆ ನೀನು
ಹಸಿರು ಸೀರೆಯನ್ನುಟ್ಟು ನಲಿಯುವೆ ನೀನು
ನದಿ, ಸರೋವರ, ಜಲಪಾತಗಳಿಂದ
ಹೇಳಲೆಂದು ನಿನ್ನ ರಹಸ್ಯವನ್ನು ಸೌಂದರ್ಯತೆಯನ್ನು
ಹೇಳುವೆಯಾ ನಿನ್ನ ರಹಸ್ಯ ಆ ನಿನ್ನ ಸೌಂದರ್ಯ
ನಮಗಾಗಿ ನೀಡಿದೆ ನಿನ್ನ ಗಾಳಿ, ಬೆಳಕು, ನೀರನ್ನು
ನಿನ್ನನ್ನು ಹೊಗಳಲು ಪದಗಳು ಸಾಲದು
ನಿನ್ನನ್ನು ವರ್ಣಿಸುವ ಕಲೆ ನನಗೆ ಬರದು
ಪದಗಳನ್ನು ಹೆಕ್ಕಿ ಬರೆಯಲು ನಾನು ಕವಿಯಲ್ಲ!
ನೀನೇ ಹೇಳುವೆಯಾ ಆ ನಿನ್ನ ರಹಸ್ಯವಾದ ಗುಟ್ಟನು....
"ಪರಿಸರದ ದೇವತೆಗೆ ಪರಿಸರ ದಿನದ ಶುಭಾಶಯಗಳು"
– ಲಕ್ಷ್ಮಿ ಎಚ್. ಬಲ್ಲೂರ
